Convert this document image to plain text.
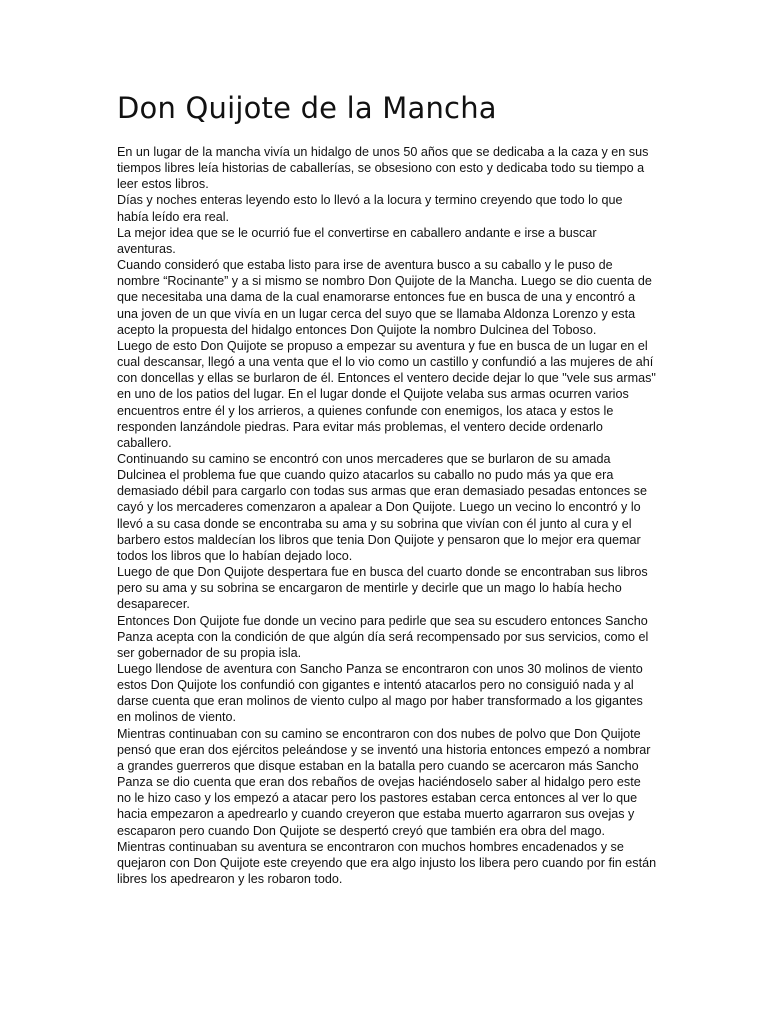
Don Quijote de la Mancha

En un lugar de la mancha vivía un hidalgo de unos 50 años que se dedicaba a la caza y en sus tiempos libres leía historias de caballerías, se obsesiono con esto y dedicaba todo su tiempo a leer estos libros.

Días y noches enteras leyendo esto lo llevó a la locura y termino creyendo que todo lo que había leído era real.

La mejor idea que se le ocurrió fue el convertirse en caballero andante e irse a buscar aventuras.

Cuando consideró que estaba listo para irse de aventura busco a su caballo y le puso de nombre “Rocinante” y a si mismo se nombro Don Quijote de la Mancha. Luego se dio cuenta de que necesitaba una dama de la cual enamorarse entonces fue en busca de una y encontró a una joven de un que vivía en un lugar cerca del suyo que se llamaba Aldonza Lorenzo y esta acepto la propuesta del hidalgo entonces Don Quijote la nombro Dulcinea del Toboso.

Luego de esto Don Quijote se propuso a empezar su aventura y fue en busca de un lugar en el cual descansar, llegó a una venta que el lo vio como un castillo y confundió a las mujeres de ahí con doncellas y ellas se burlaron de él. Entonces el ventero decide dejar lo que "vele sus armas" en uno de los patios del lugar. En el lugar donde el Quijote velaba sus armas ocurren varios encuentros entre él y los arrieros, a quienes confunde con enemigos, los ataca y estos le responden lanzándole piedras. Para evitar más problemas, el ventero decide ordenarlo caballero.

Continuando su camino se encontró con unos mercaderes que se burlaron de su amada Dulcinea el problema fue que cuando quizo atacarlos su caballo no pudo más ya que era demasiado débil para cargarlo con todas sus armas que eran demasiado pesadas entonces se cayó y los mercaderes comenzaron a apalear a Don Quijote. Luego un vecino lo encontró y lo llevó a su casa donde se encontraba su ama y su sobrina que vivían con él junto al cura y el barbero estos maldecían los libros que tenia Don Quijote y pensaron que lo mejor era quemar todos los libros que lo habían dejado loco.

Luego de que Don Quijote despertara fue en busca del cuarto donde se encontraban sus libros pero su ama y su sobrina se encargaron de mentirle y decirle que un mago lo había hecho desaparecer.

Entonces Don Quijote fue donde un vecino para pedirle que sea su escudero entonces Sancho Panza acepta con la condición de que algún día será recompensado por sus servicios, como el ser gobernador de su propia isla.

Luego llendose de aventura con Sancho Panza se encontraron con unos 30 molinos de viento estos Don Quijote los confundió con gigantes e intentó atacarlos pero no consiguió nada y al darse cuenta que eran molinos de viento culpo al mago por haber transformado a los gigantes en molinos de viento.

Mientras continuaban con su camino se encontraron con dos nubes de polvo que Don Quijote pensó que eran dos ejércitos peleándose y se inventó una historia entonces empezó a nombrar a grandes guerreros que disque estaban en la batalla pero cuando se acercaron más Sancho Panza se dio cuenta que eran dos rebaños de ovejas haciéndoselo saber al hidalgo pero este no le hizo caso y los empezó a atacar pero los pastores estaban cerca entonces al ver lo que hacia empezaron a apedrearlo y cuando creyeron que estaba muerto agarraron sus ovejas y escaparon pero cuando Don Quijote se despertó creyó que también era obra del mago.

Mientras continuaban su aventura se encontraron con muchos hombres encadenados y se quejaron con Don Quijote este creyendo que era algo injusto los libera pero cuando por fin están libres los apedrearon y les robaron todo.
